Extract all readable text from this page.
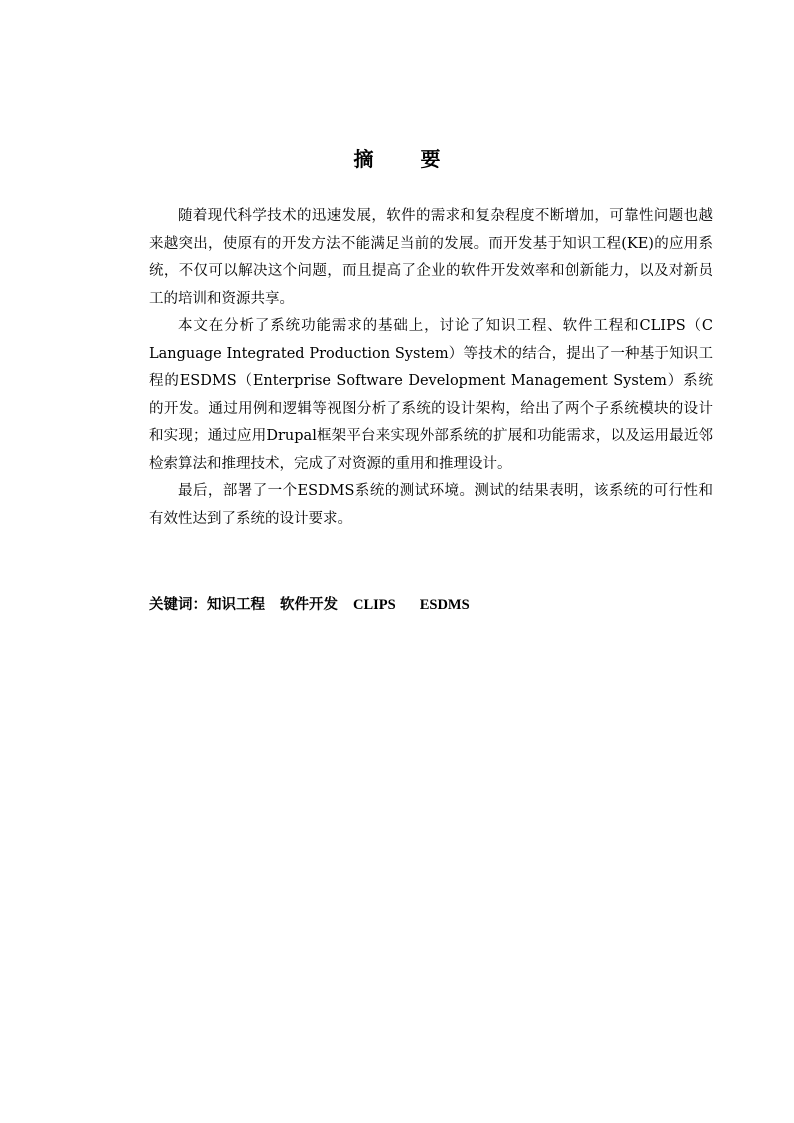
摘 要

随着现代科学技术的迅速发展，软件的需求和复杂程度不断增加，可靠性问题也越来越突出，使原有的开发方法不能满足当前的发展。而开发基于知识工程(KE)的应用系统，不仅可以解决这个问题，而且提高了企业的软件开发效率和创新能力，以及对新员工的培训和资源共享。

本文在分析了系统功能需求的基础上，讨论了知识工程、软件工程和CLIPS（C Language Integrated Production System）等技术的结合，提出了一种基于知识工程的ESDMS（Enterprise Software Development Management System）系统的开发。通过用例和逻辑等视图分析了系统的设计架构，给出了两个子系统模块的设计和实现；通过应用Drupal框架平台来实现外部系统的扩展和功能需求，以及运用最近邻检索算法和推理技术，完成了对资源的重用和推理设计。

最后，部署了一个ESDMS系统的测试环境。测试的结果表明，该系统的可行性和有效性达到了系统的设计要求。

关键词：知识工程 软件开发 CLIPS ESDMS
